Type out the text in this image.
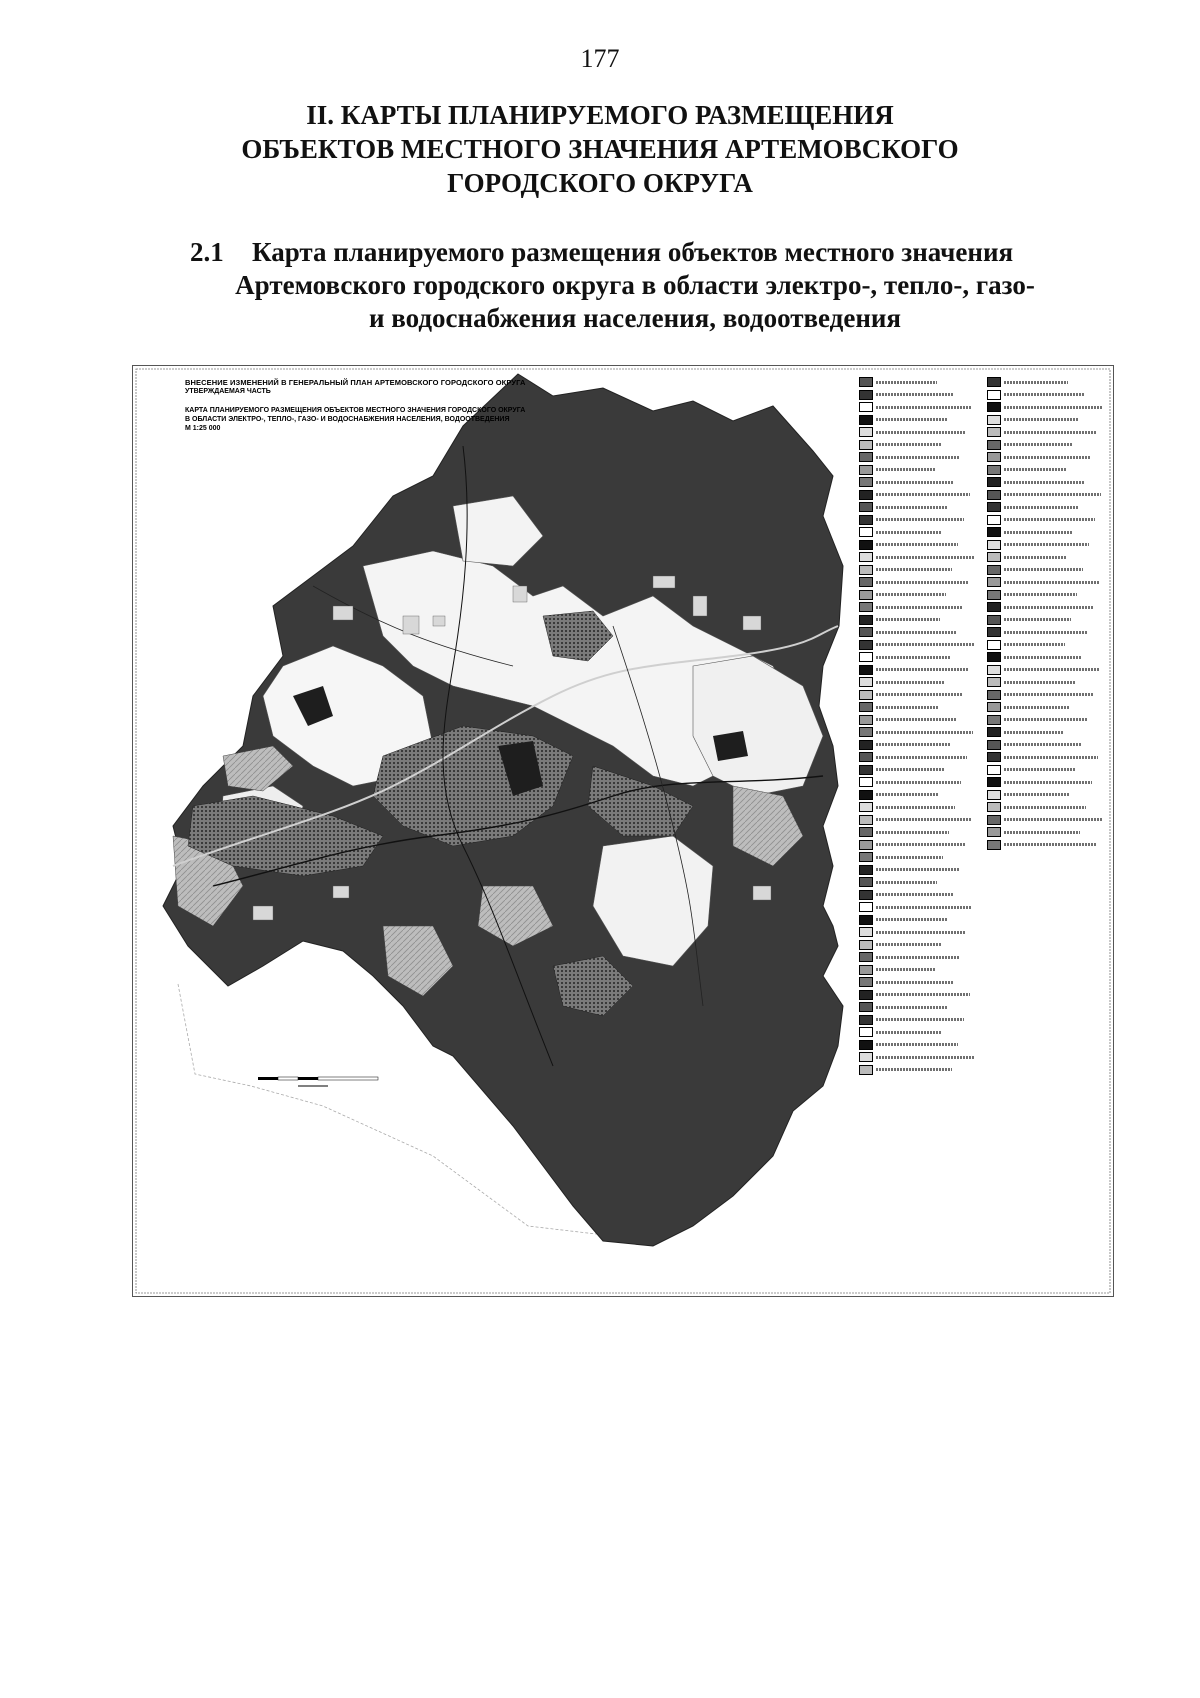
177
II. КАРТЫ ПЛАНИРУЕМОГО РАЗМЕЩЕНИЯ
ОБЪЕКТОВ МЕСТНОГО ЗНАЧЕНИЯ АРТЕМОВСКОГО
ГОРОДСКОГО ОКРУГА
2.1 Карта планируемого размещения объектов местного значения
Артемовского городского округа в области электро-, тепло-, газо-
и водоснабжения населения, водоотведения
ВНЕСЕНИЕ ИЗМЕНЕНИЙ В ГЕНЕРАЛЬНЫЙ ПЛАН АРТЕМОВСКОГО ГОРОДСКОГО ОКРУГА
УТВЕРЖДАЕМАЯ ЧАСТЬ
КАРТА ПЛАНИРУЕМОГО РАЗМЕЩЕНИЯ ОБЪЕКТОВ МЕСТНОГО ЗНАЧЕНИЯ ГОРОДСКОГО ОКРУГА
В ОБЛАСТИ ЭЛЕКТРО-, ТЕПЛО-, ГАЗО- И ВОДОСНАБЖЕНИЯ НАСЕЛЕНИЯ, ВОДООТВЕДЕНИЯ
М 1:25 000
